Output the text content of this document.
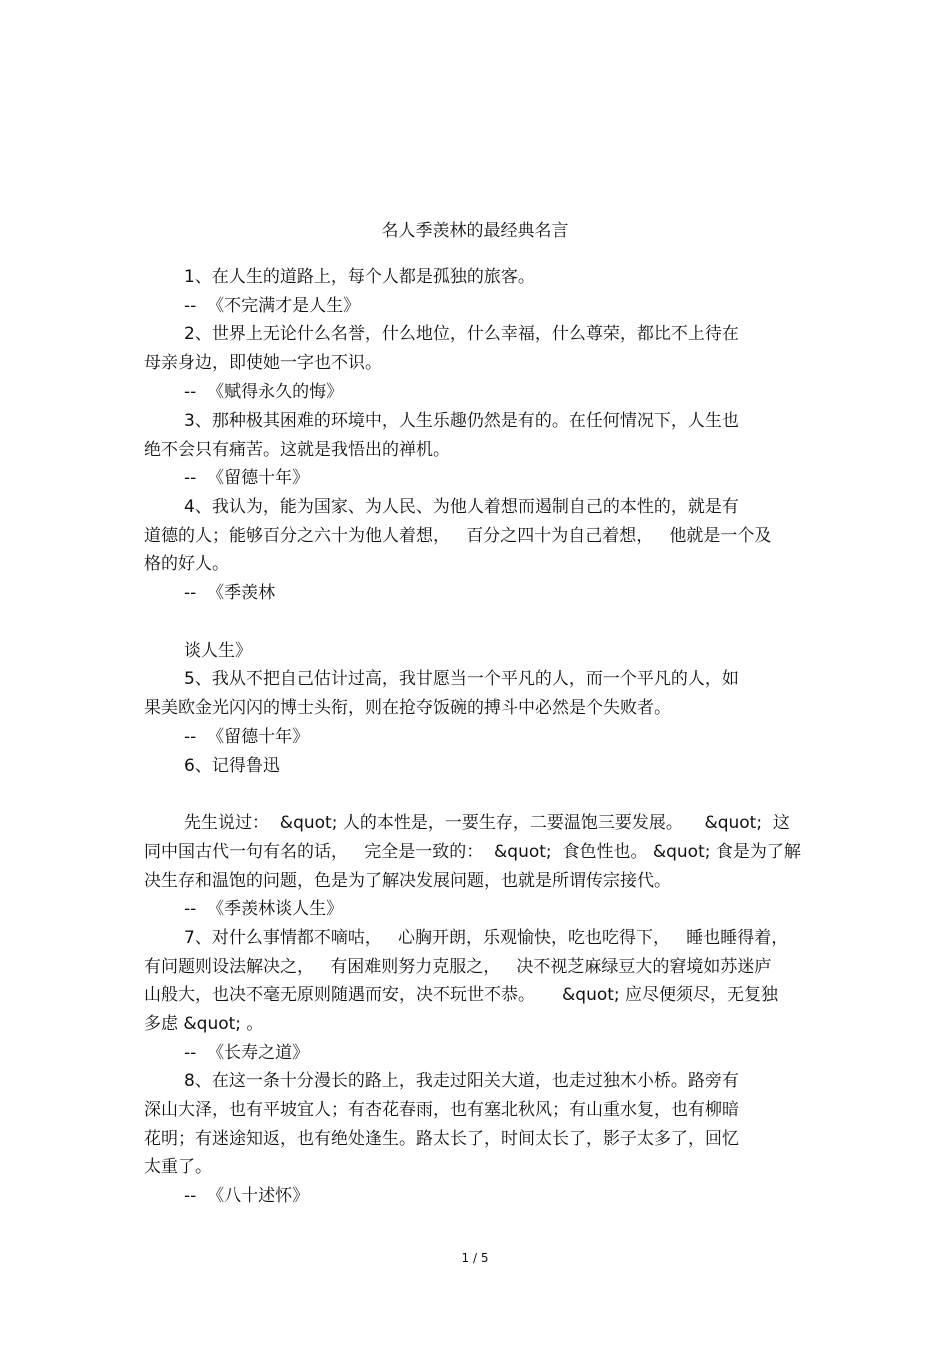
名人季羡林的最经典名言

1、在人生的道路上，每个人都是孤独的旅客。

--  《不完满才是人生》

2、世界上无论什么名誉，什么地位，什么幸福，什么尊荣，都比不上待在

母亲身边，即使她一字也不识。

--  《赋得永久的悔》

3、那种极其困难的环境中，人生乐趣仍然是有的。在任何情况下，人生也

绝不会只有痛苦。这就是我悟出的禅机。

--  《留德十年》

4、我认为，能为国家、为人民、为他人着想而遏制自己的本性的，就是有

道德的人；能够百分之六十为他人着想，   百分之四十为自己着想，   他就是一个及

格的好人。

--  《季羡林

谈人生》

5、我从不把自己估计过高，我甘愿当一个平凡的人，而一个平凡的人，如

果美欧金光闪闪的博士头衔，则在抢夺饭碗的搏斗中必然是个失败者。

--  《留德十年》

6、记得鲁迅

先生说过：  &quot; 人的本性是，一要生存，二要温饱三要发展。    &quot;  这

同中国古代一句有名的话，   完全是一致的：  &quot;  食色性也。 &quot; 食是为了解

决生存和温饱的问题，色是为了解决发展问题，也就是所谓传宗接代。

--  《季羡林谈人生》

7、对什么事情都不嘀咕，   心胸开朗，乐观愉快，吃也吃得下，   睡也睡得着，

有问题则设法解决之，   有困难则努力克服之，   决不视芝麻绿豆大的窘境如苏迷庐

山般大，也决不毫无原则随遇而安，决不玩世不恭。     &quot; 应尽便须尽，无复独

多虑 &quot; 。

--  《长寿之道》

8、在这一条十分漫长的路上，我走过阳关大道，也走过独木小桥。路旁有

深山大泽，也有平坡宜人；有杏花春雨，也有塞北秋风；有山重水复，也有柳暗

花明；有迷途知返，也有绝处逢生。路太长了，时间太长了，影子太多了，回忆

太重了。

--  《八十述怀》

1 / 5
